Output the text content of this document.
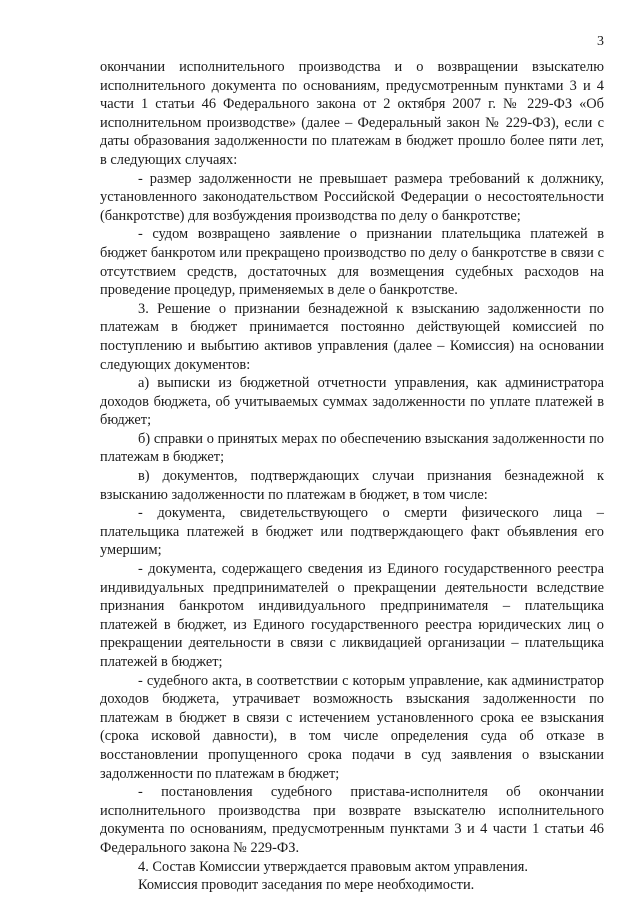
3

окончании исполнительного производства и о возвращении взыскателю исполнительного документа по основаниям, предусмотренным пунктами 3 и 4 части 1 статьи 46 Федерального закона от 2 октября 2007 г. № 229-ФЗ «Об исполнительном производстве» (далее – Федеральный закон № 229-ФЗ), если с даты образования задолженности по платежам в бюджет прошло более пяти лет, в следующих случаях:

- размер задолженности не превышает размера требований к должнику, установленного законодательством Российской Федерации о несостоятельности (банкротстве) для возбуждения производства по делу о банкротстве;

- судом возвращено заявление о признании плательщика платежей в бюджет банкротом или прекращено производство по делу о банкротстве в связи с отсутствием средств, достаточных для возмещения судебных расходов на проведение процедур, применяемых в деле о банкротстве.

3. Решение о признании безнадежной к взысканию задолженности по платежам в бюджет принимается постоянно действующей комиссией по поступлению и выбытию активов управления (далее – Комиссия) на основании следующих документов:

а) выписки из бюджетной отчетности управления, как администратора доходов бюджета, об учитываемых суммах задолженности по уплате платежей в бюджет;

б) справки о принятых мерах по обеспечению взыскания задолженности по платежам в бюджет;

в) документов, подтверждающих случаи признания безнадежной к взысканию задолженности по платежам в бюджет, в том числе:

- документа, свидетельствующего о смерти физического лица – плательщика платежей в бюджет или подтверждающего факт объявления его умершим;

- документа, содержащего сведения из Единого государственного реестра индивидуальных предпринимателей о прекращении деятельности вследствие признания банкротом индивидуального предпринимателя – плательщика платежей в бюджет, из Единого государственного реестра юридических лиц о прекращении деятельности в связи с ликвидацией организации – плательщика платежей в бюджет;

- судебного акта, в соответствии с которым управление, как администратор доходов бюджета, утрачивает возможность взыскания задолженности по платежам в бюджет в связи с истечением установленного срока ее взыскания (срока исковой давности), в том числе определения суда об отказе в восстановлении пропущенного срока подачи в суд заявления о взыскании задолженности по платежам в бюджет;

- постановления судебного пристава-исполнителя об окончании исполнительного производства при возврате взыскателю исполнительного документа по основаниям, предусмотренным пунктами 3 и 4 части 1 статьи 46 Федерального закона № 229-ФЗ.

4. Состав Комиссии утверждается правовым актом управления.

Комиссия проводит заседания по мере необходимости.
